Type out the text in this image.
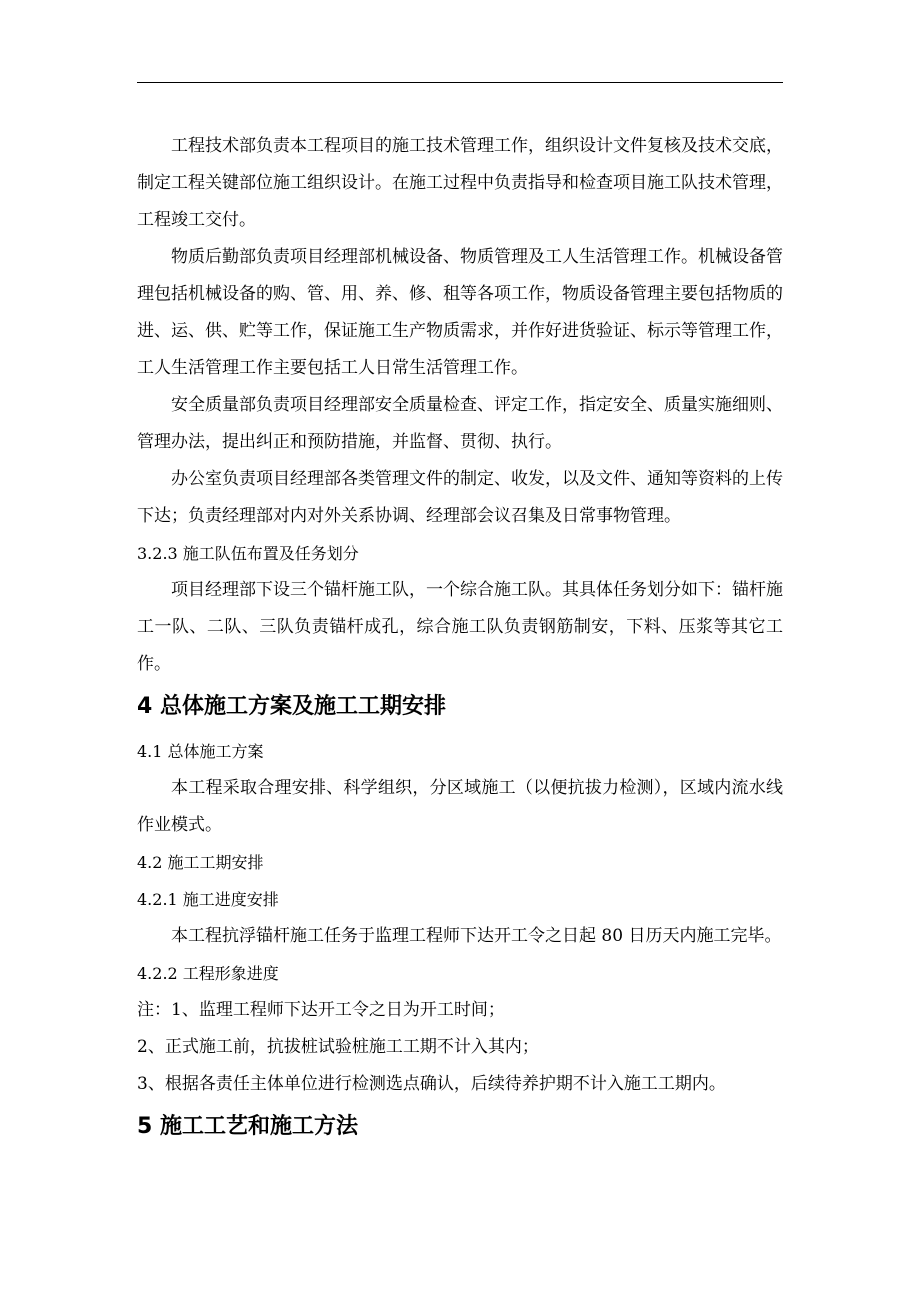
工程技术部负责本工程项目的施工技术管理工作，组织设计文件复核及技术交底，制定工程关键部位施工组织设计。在施工过程中负责指导和检查项目施工队技术管理，工程竣工交付。

物质后勤部负责项目经理部机械设备、物质管理及工人生活管理工作。机械设备管理包括机械设备的购、管、用、养、修、租等各项工作，物质设备管理主要包括物质的进、运、供、贮等工作，保证施工生产物质需求，并作好进货验证、标示等管理工作，工人生活管理工作主要包括工人日常生活管理工作。

安全质量部负责项目经理部安全质量检查、评定工作，指定安全、质量实施细则、管理办法，提出纠正和预防措施，并监督、贯彻、执行。

办公室负责项目经理部各类管理文件的制定、收发，以及文件、通知等资料的上传下达；负责经理部对内对外关系协调、经理部会议召集及日常事物管理。

3.2.3 施工队伍布置及任务划分

项目经理部下设三个锚杆施工队，一个综合施工队。其具体任务划分如下：锚杆施工一队、二队、三队负责锚杆成孔，综合施工队负责钢筋制安，下料、压浆等其它工作。

4 总体施工方案及施工工期安排

4.1 总体施工方案

本工程采取合理安排、科学组织，分区域施工（以便抗拔力检测），区域内流水线作业模式。

4.2 施工工期安排

4.2.1 施工进度安排

本工程抗浮锚杆施工任务于监理工程师下达开工令之日起 80 日历天内施工完毕。

4.2.2 工程形象进度

注：1、监理工程师下达开工令之日为开工时间；

2、正式施工前，抗拔桩试验桩施工工期不计入其内；

3、根据各责任主体单位进行检测选点确认，后续待养护期不计入施工工期内。

5 施工工艺和施工方法
